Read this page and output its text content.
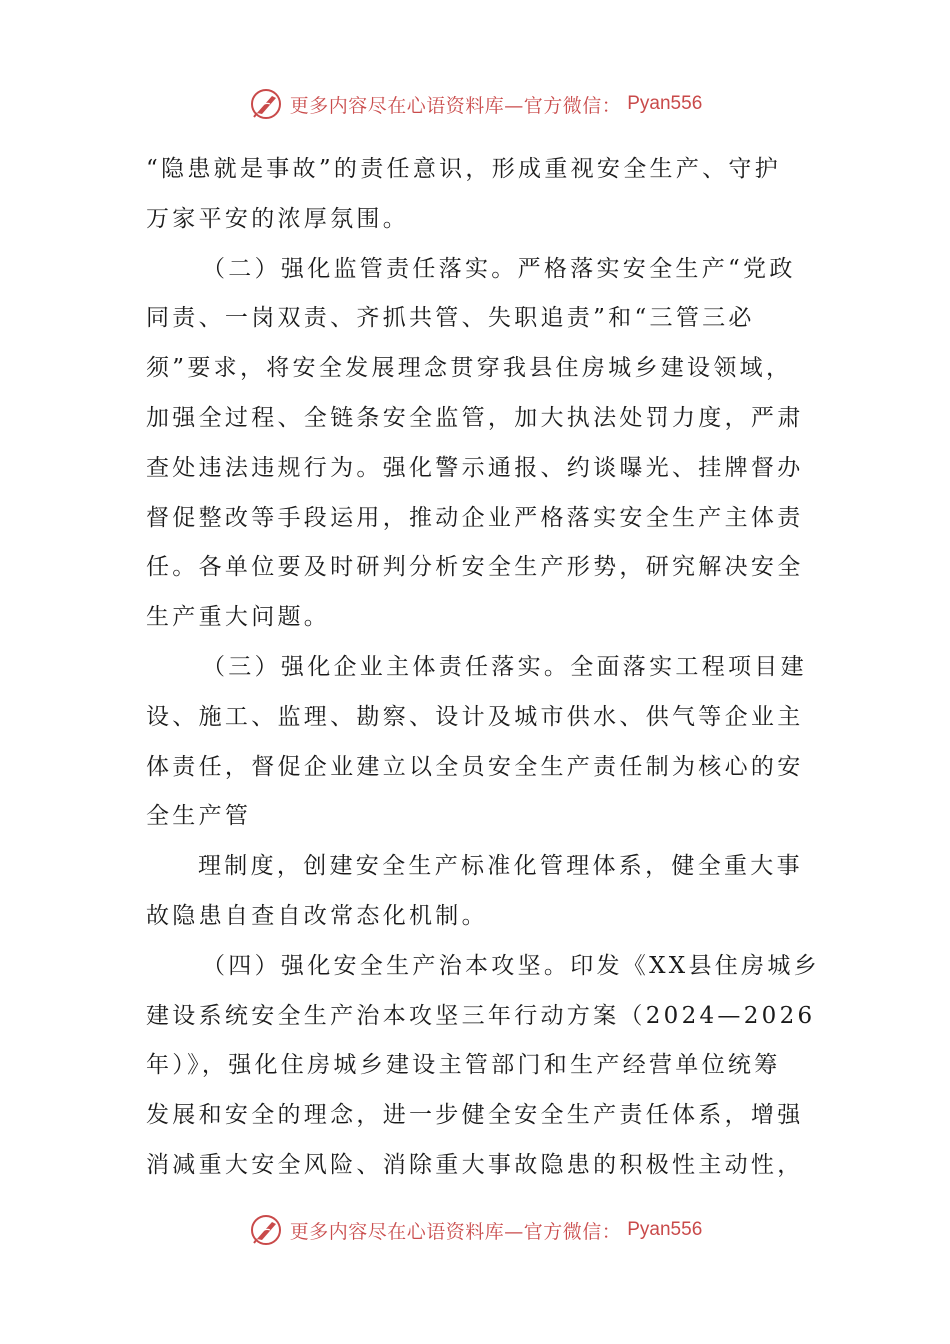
更多内容尽在心语资料库—官方微信： Pyan556
“隐患就是事故”的责任意识，形成重视安全生产、守护
万家平安的浓厚氛围。
（二）强化监管责任落实。严格落实安全生产“党政
同责、一岗双责、齐抓共管、失职追责”和“三管三必
须”要求，将安全发展理念贯穿我县住房城乡建设领域，
加强全过程、全链条安全监管，加大执法处罚力度，严肃
查处违法违规行为。强化警示通报、约谈曝光、挂牌督办
督促整改等手段运用，推动企业严格落实安全生产主体责
任。各单位要及时研判分析安全生产形势，研究解决安全
生产重大问题。
（三）强化企业主体责任落实。全面落实工程项目建
设、施工、监理、勘察、设计及城市供水、供气等企业主
体责任，督促企业建立以全员安全生产责任制为核心的安
全生产管
理制度，创建安全生产标准化管理体系，健全重大事
故隐患自查自改常态化机制。
（四）强化安全生产治本攻坚。印发《XX县住房城乡
建设系统安全生产治本攻坚三年行动方案（2024—2026
年）》，强化住房城乡建设主管部门和生产经营单位统筹
发展和安全的理念，进一步健全安全生产责任体系，增强
消减重大安全风险、消除重大事故隐患的积极性主动性，
更多内容尽在心语资料库—官方微信： Pyan556
